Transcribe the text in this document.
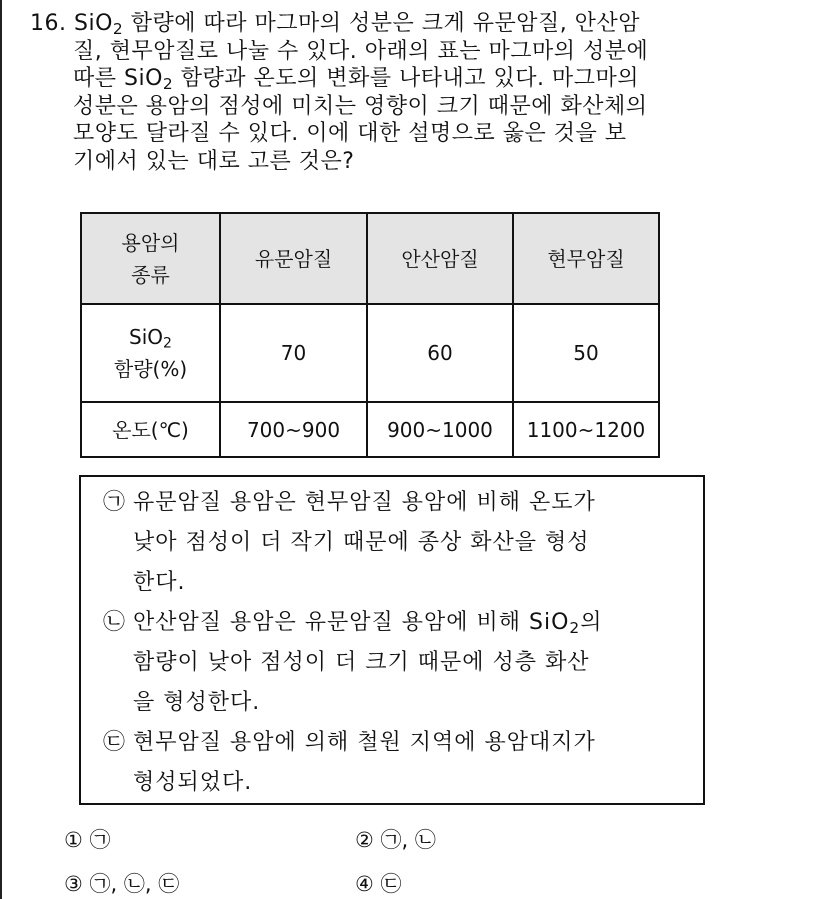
16. SiO$_2$ 함량에 따라 마그마의 성분은 크게 유문암질, 안산암
질, 현무암질로 나눌 수 있다. 아래의 표는 마그마의 성분에
따른 SiO$_2$ 함량과 온도의 변화를 나타내고 있다. 마그마의
성분은 용암의 점성에 미치는 영향이 크기 때문에 화산체의
모양도 달라질 수 있다. 이에 대한 설명으로 옳은 것을 보
기에서 있는 대로 고른 것은?
용암의
종류	유문암질	안산암질	현무암질
SiO$_2$
함량(%)	70	60	50
온도(℃)	700~900	900~1000	1100~1200
㉠ 유문암질 용암은 현무암질 용암에 비해 온도가
낮아 점성이 더 작기 때문에 종상 화산을 형성
한다.
㉡ 안산암질 용암은 유문암질 용암에 비해 SiO$_2$의
함량이 낮아 점성이 더 크기 때문에 성층 화산
을 형성한다.
㉢ 현무암질 용암에 의해 철원 지역에 용암대지가
형성되었다.
① ㉠	② ㉠, ㉡
③ ㉠, ㉡, ㉢	④ ㉢
